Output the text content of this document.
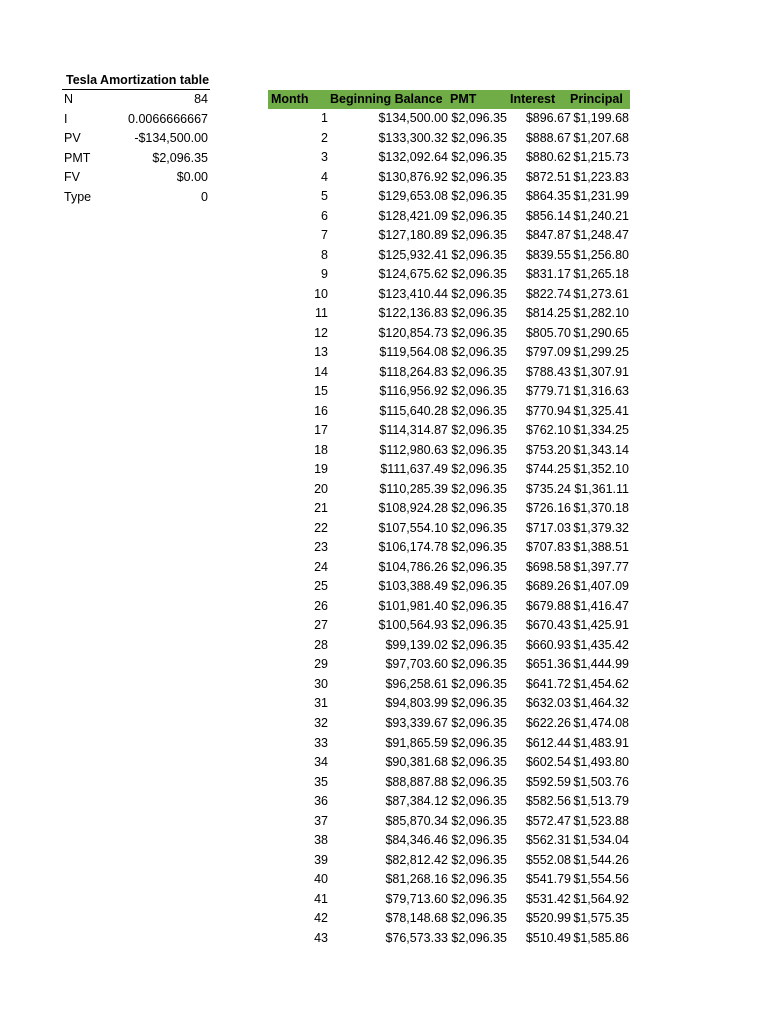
Tesla Amortization table
N	84
I	0.0066666667
PV	-$134,500.00
PMT	$2,096.35
FV	$0.00
Type	0
Month Beginning Balance PMT	Interest Principal
1	$134,500.00 $2,096.35 $896.67 $1,199.68
2	$133,300.32 $2,096.35 $888.67 $1,207.68
3	$132,092.64 $2,096.35 $880.62 $1,215.73
4	$130,876.92 $2,096.35 $872.51 $1,223.83
5	$129,653.08 $2,096.35 $864.35 $1,231.99
6	$128,421.09 $2,096.35 $856.14 $1,240.21
7	$127,180.89 $2,096.35 $847.87 $1,248.47
8	$125,932.41 $2,096.35 $839.55 $1,256.80
9	$124,675.62 $2,096.35 $831.17 $1,265.18
10	$123,410.44 $2,096.35 $822.74 $1,273.61
11	$122,136.83 $2,096.35 $814.25 $1,282.10
12	$120,854.73 $2,096.35 $805.70 $1,290.65
13	$119,564.08 $2,096.35 $797.09 $1,299.25
14	$118,264.83 $2,096.35 $788.43 $1,307.91
15	$116,956.92 $2,096.35 $779.71 $1,316.63
16	$115,640.28 $2,096.35 $770.94 $1,325.41
17	$114,314.87 $2,096.35 $762.10 $1,334.25
18	$112,980.63 $2,096.35 $753.20 $1,343.14
19	$111,637.49 $2,096.35 $744.25 $1,352.10
20	$110,285.39 $2,096.35 $735.24 $1,361.11
21	$108,924.28 $2,096.35 $726.16 $1,370.18
22	$107,554.10 $2,096.35 $717.03 $1,379.32
23	$106,174.78 $2,096.35 $707.83 $1,388.51
24	$104,786.26 $2,096.35 $698.58 $1,397.77
25	$103,388.49 $2,096.35 $689.26 $1,407.09
26	$101,981.40 $2,096.35 $679.88 $1,416.47
27	$100,564.93 $2,096.35 $670.43 $1,425.91
28	$99,139.02 $2,096.35 $660.93 $1,435.42
29	$97,703.60 $2,096.35 $651.36 $1,444.99
30	$96,258.61 $2,096.35 $641.72 $1,454.62
31	$94,803.99 $2,096.35 $632.03 $1,464.32
32	$93,339.67 $2,096.35 $622.26 $1,474.08
33	$91,865.59 $2,096.35 $612.44 $1,483.91
34	$90,381.68 $2,096.35 $602.54 $1,493.80
35	$88,887.88 $2,096.35 $592.59 $1,503.76
36	$87,384.12 $2,096.35 $582.56 $1,513.79
37	$85,870.34 $2,096.35 $572.47 $1,523.88
38	$84,346.46 $2,096.35 $562.31 $1,534.04
39	$82,812.42 $2,096.35 $552.08 $1,544.26
40	$81,268.16 $2,096.35 $541.79 $1,554.56
41	$79,713.60 $2,096.35 $531.42 $1,564.92
42	$78,148.68 $2,096.35 $520.99 $1,575.35
43	$76,573.33 $2,096.35 $510.49 $1,585.86
